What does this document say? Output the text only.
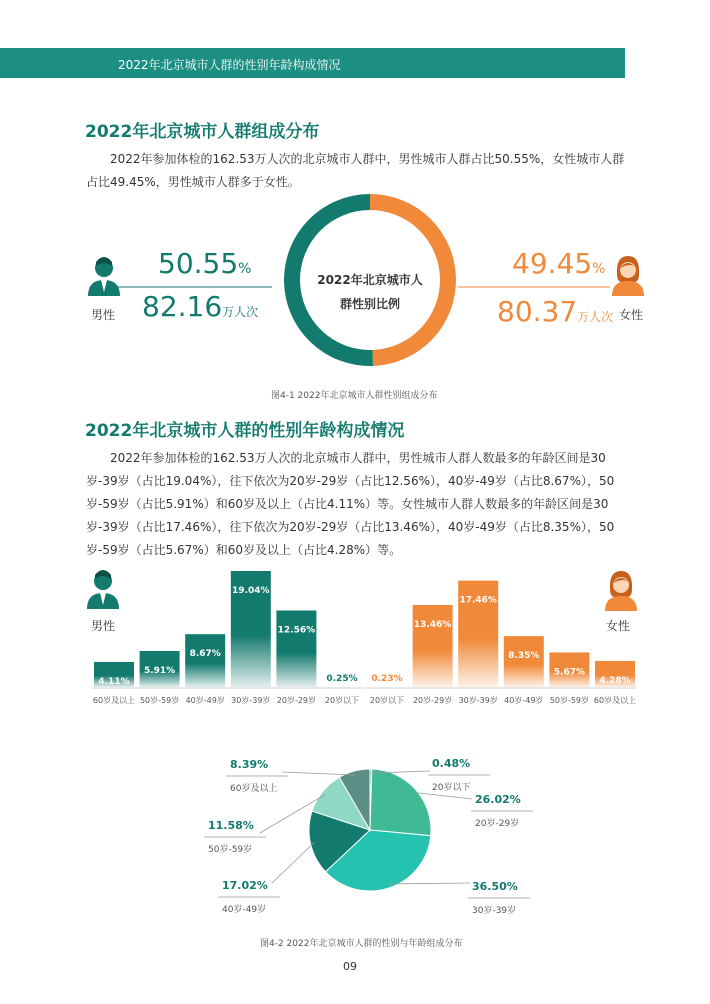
2022年北京城市人群的性别年龄构成情况
2022年北京城市人群组成分布

2022年参加体检的162.53万人次的北京城市人群中，男性城市人群占比50.55%，女性城市人群占比49.45%，男性城市人群多于女性。

2022年北京城市人
群性别比例
50.55%
82.16万人次
男性
49.45%
80.37万人次 女性
图4-1 2022年北京城市人群性别组成分布
2022年北京城市人群的性别年龄构成情况

2022年参加体检的162.53万人次的北京城市人群中，男性城市人群人数最多的年龄区间是30岁-39岁（占比19.04%），往下依次为20岁-29岁（占比12.56%），40岁-49岁（占比8.67%），50岁-59岁（占比5.91%）和60岁及以上（占比4.11%）等。女性城市人群人数最多的年龄区间是30岁-39岁（占比17.46%），往下依次为20岁-29岁（占比13.46%），40岁-49岁（占比8.35%），50岁-59岁（占比5.67%）和60岁及以上（占比4.28%）等。

4.11%
60岁及以上
5.91%
50岁-59岁
8.67%
40岁-49岁
19.04%
30岁-39岁
12.56%
20岁-29岁
0.25%
20岁以下
0.23%
20岁以下
13.46%
20岁-29岁
17.46%
30岁-39岁
8.35%
40岁-49岁
5.67%
50岁-59岁
4.28%
60岁及以上
男性	女性
0.48%
20岁以下
26.02%
20岁-29岁
36.50%
30岁-39岁
17.02%
40岁-49岁
11.58%
50岁-59岁
8.39%
60岁及以上
图4-2 2022年北京城市人群的性别与年龄组成分布
09
